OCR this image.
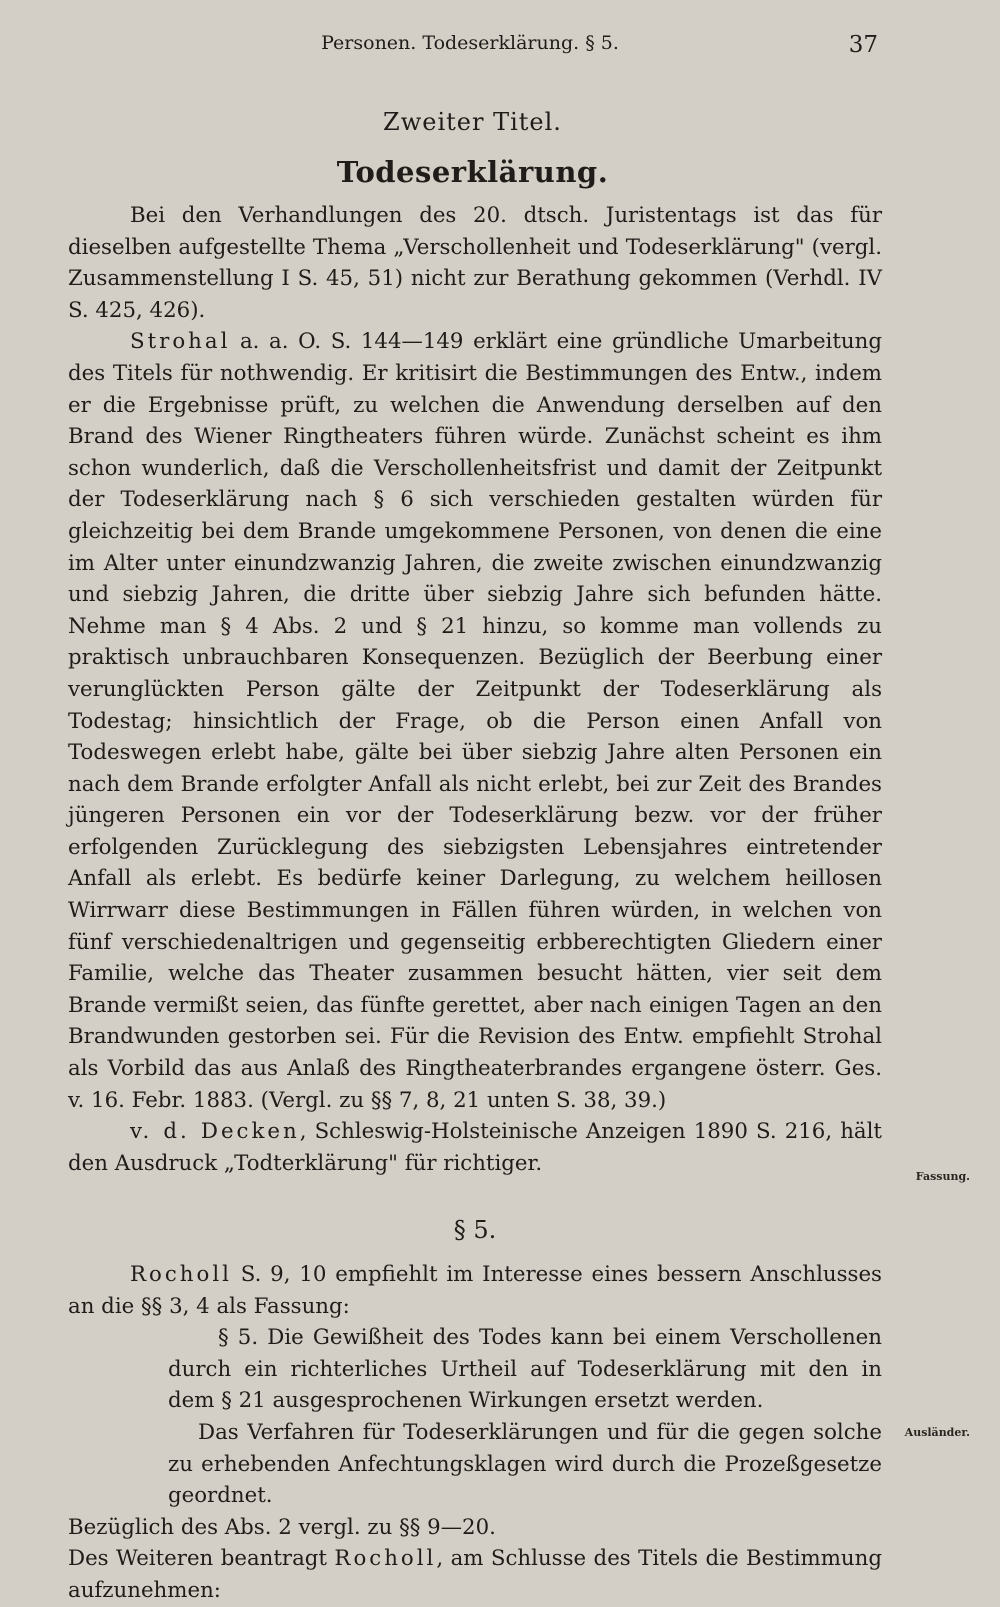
Personen. Todeserklärung. § 5.	37
Zweiter Titel.
Todeserklärung.

Bei den Verhandlungen des 20. dtsch. Juristentags ist das für dieselben aufgestellte Thema „Verschollenheit und Todeserklärung" (vergl. Zusammenstellung I S. 45, 51) nicht zur Berathung gekommen (Verhdl. IV S. 425, 426).

Strohal a. a. O. S. 144—149 erklärt eine gründliche Umarbeitung des Titels für nothwendig. Er kritisirt die Bestimmungen des Entw., indem er die Ergebnisse prüft, zu welchen die Anwendung derselben auf den Brand des Wiener Ringtheaters führen würde. Zunächst scheint es ihm schon wunderlich, daß die Verschollenheitsfrist und damit der Zeitpunkt der Todeserklärung nach § 6 sich verschieden gestalten würden für gleichzeitig bei dem Brande umgekommene Personen, von denen die eine im Alter unter einundzwanzig Jahren, die zweite zwischen einundzwanzig und siebzig Jahren, die dritte über siebzig Jahre sich befunden hätte. Nehme man § 4 Abs. 2 und § 21 hinzu, so komme man vollends zu praktisch unbrauchbaren Konsequenzen. Bezüglich der Beerbung einer verunglückten Person gälte der Zeitpunkt der Todeserklärung als Todestag; hinsichtlich der Frage, ob die Person einen Anfall von Todeswegen erlebt habe, gälte bei über siebzig Jahre alten Personen ein nach dem Brande erfolgter Anfall als nicht erlebt, bei zur Zeit des Brandes jüngeren Personen ein vor der Todeserklärung bezw. vor der früher erfolgenden Zurücklegung des siebzigsten Lebensjahres eintretender Anfall als erlebt. Es bedürfe keiner Darlegung, zu welchem heillosen Wirrwarr diese Bestimmungen in Fällen führen würden, in welchen von fünf verschiedenaltrigen und gegenseitig erbberechtigten Gliedern einer Familie, welche das Theater zusammen besucht hätten, vier seit dem Brande vermißt seien, das fünfte gerettet, aber nach einigen Tagen an den Brandwunden gestorben sei. Für die Revision des Entw. empfiehlt Strohal als Vorbild das aus Anlaß des Ringtheaterbrandes ergangene österr. Ges. v. 16. Febr. 1883. (Vergl. zu §§ 7, 8, 21 unten S. 38, 39.)

v. d. Decken, Schleswig-Holsteinische Anzeigen 1890 S. 216, hält den Ausdruck „Todterklärung" für richtiger.

§ 5.

Rocholl S. 9, 10 empfiehlt im Interesse eines bessern Anschlusses an die §§ 3, 4 als Fassung:

§ 5. Die Gewißheit des Todes kann bei einem Verschollenen durch ein richterliches Urtheil auf Todeserklärung mit den in dem § 21 ausgesprochenen Wirkungen ersetzt werden.

Das Verfahren für Todeserklärungen und für die gegen solche zu erhebenden Anfechtungsklagen wird durch die Prozeßgesetze geordnet.

Bezüglich des Abs. 2 vergl. zu §§ 9—20.

Des Weiteren beantragt Rocholl, am Schlusse des Titels die Bestimmung aufzunehmen:

Fassung.
Ausländer.
